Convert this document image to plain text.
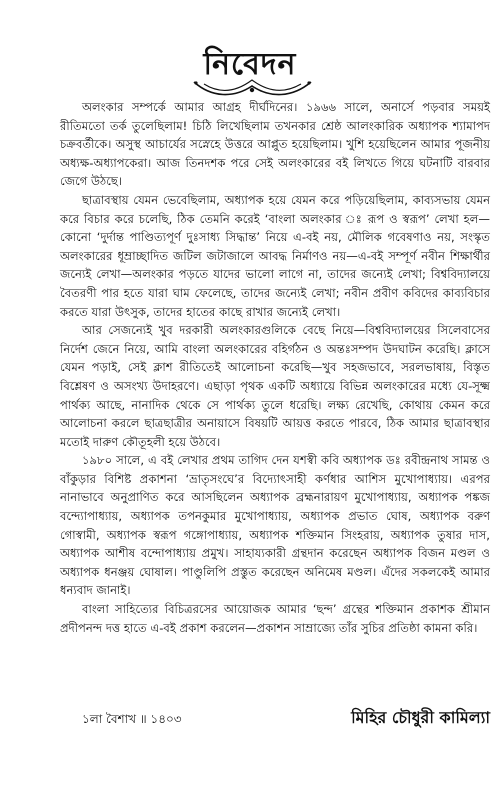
নিবেদন

অলংকার সম্পর্কে আমার আগ্রহ দীর্ঘদিনের। ১৯৬৬ সালে, অনার্সে পড়বার সময়ই রীতিমতো তর্ক তুলেছিলাম! চিঠি লিখেছিলাম তখনকার শ্রেষ্ঠ আলংকারিক অধ্যাপক শ্যামাপদ চক্রবর্তীকে। অসুস্থ আচার্যের সস্নেহে উত্তরে আপ্লুত হয়েছিলাম। খুশি হয়েছিলেন আমার পূজনীয় অধ্যক্ষ-অধ্যাপকেরা। আজ তিনদশক পরে সেই অলংকারের বই লিখতে গিয়ে ঘটনাটি বারবার জেগে উঠছে।

ছাত্রাবস্থায় যেমন ভেবেছিলাম, অধ্যাপক হয়ে যেমন করে পড়িয়েছিলাম, কাব্যসভায় যেমন করে বিচার করে চলেছি, ঠিক তেমনি করেই ‘বাংলা অলংকার ঃ রূপ ও স্বরূপ’ লেখা হল—কোনো ‘দুর্দান্ত পাণ্ডিত্যপূর্ণ দুঃসাধ্য সিদ্ধান্ত’ নিয়ে এ-বই নয়, মৌলিক গবেষণাও নয়, সংস্কৃত অলংকারের ধূম্রাচ্ছাদিত জটিল জটাজালে আবদ্ধ নির্মাণও নয়—এ-বই সম্পূর্ণ নবীন শিক্ষার্থীর জন্যেই লেখা—অলংকার পড়তে যাদের ভালো লাগে না, তাদের জন্যেই লেখা; বিশ্ববিদ্যালয়ে বৈতরণী পার হতে যারা ঘাম ফেলেছে, তাদের জন্যেই লেখা; নবীন প্রবীণ কবিদের কাব্যবিচার করতে যারা উৎসুক, তাদের হাতের কাছে রাখার জন্যেই লেখা।

আর সেজন্যেই খুব দরকারী অলংকারগুলিকে বেছে নিয়ে—বিশ্ববিদ্যালয়ের সিলেবাসের নির্দেশ জেনে নিয়ে, আমি বাংলা অলংকারের বহির্গঠন ও অন্তঃসম্পদ উদঘাটন করেছি। ক্লাসে যেমন পড়াই, সেই ক্লাশ রীতিতেই আলোচনা করেছি—খুব সহজভাবে, সরলভাষায়, বিস্তৃত বিশ্লেষণ ও অসংখ্য উদাহরণে। এছাড়া পৃথক একটি অধ্যায়ে বিভিন্ন অলংকারের মধ্যে যে-সূক্ষ্ম পার্থক্য আছে, নানাদিক থেকে সে পার্থক্য তুলে ধরেছি। লক্ষ্য রেখেছি, কোথায় কেমন করে আলোচনা করলে ছাত্রছাত্রীর অনায়াসে বিষয়টি আয়ত্ত করতে পারবে, ঠিক আমার ছাত্রাবস্থার মতোই দারুণ কৌতূহলী হয়ে উঠবে।

১৯৮০ সালে, এ বই লেখার প্রথম তাগিদ দেন যশস্বী কবি অধ্যাপক ডঃ রবীন্দ্রনাথ সামন্ত ও বাঁকুড়ার বিশিষ্ট প্রকাশনা ‘ভ্রাতৃসংঘে’র বিদ্যোৎসাহী কর্ণধার আশিস মুখোপাধ্যায়। এরপর নানাভাবে অনুপ্রাণিত করে আসছিলেন অধ্যাপক ব্রহ্মনারায়ণ মুখোপাধ্যায়, অধ্যাপক পঙ্কজ বন্দ্যোপাধ্যায়, অধ্যাপক তপনকুমার মুখোপাধ্যায়, অধ্যাপক প্রভাত ঘোষ, অধ্যাপক বরুণ গোস্বামী, অধ্যাপক স্বরূপ গঙ্গোপাধ্যায়, অধ্যাপক শক্তিমান সিংহরায়, অধ্যাপক তুষার দাস, অধ্যাপক আশীষ বন্দোপাধ্যায় প্রমুখ। সাহায্যকারী গ্রন্থদান করেছেন অধ্যাপক বিজন মণ্ডল ও অধ্যাপক ধনঞ্জয় ঘোষাল। পাণ্ডুলিপি প্রস্তুত করেছেন অনিমেষ মণ্ডল। এঁদের সকলকেই আমার ধন্যবাদ জানাই।

বাংলা সাহিত্যের বিচিত্ররসের আয়োজক আমার ‘ছন্দ’ গ্রন্থের শক্তিমান প্রকাশক শ্রীমান প্রদীপনন্দ দত্ত হাতে এ-বই প্রকাশ করলেন—প্রকাশন সাম্রাজ্যে তাঁর সুচির প্রতিষ্ঠা কামনা করি।

১লা বৈশাখ ॥ ১৪০৩	মিহির চৌধুরী কামিল্যা
